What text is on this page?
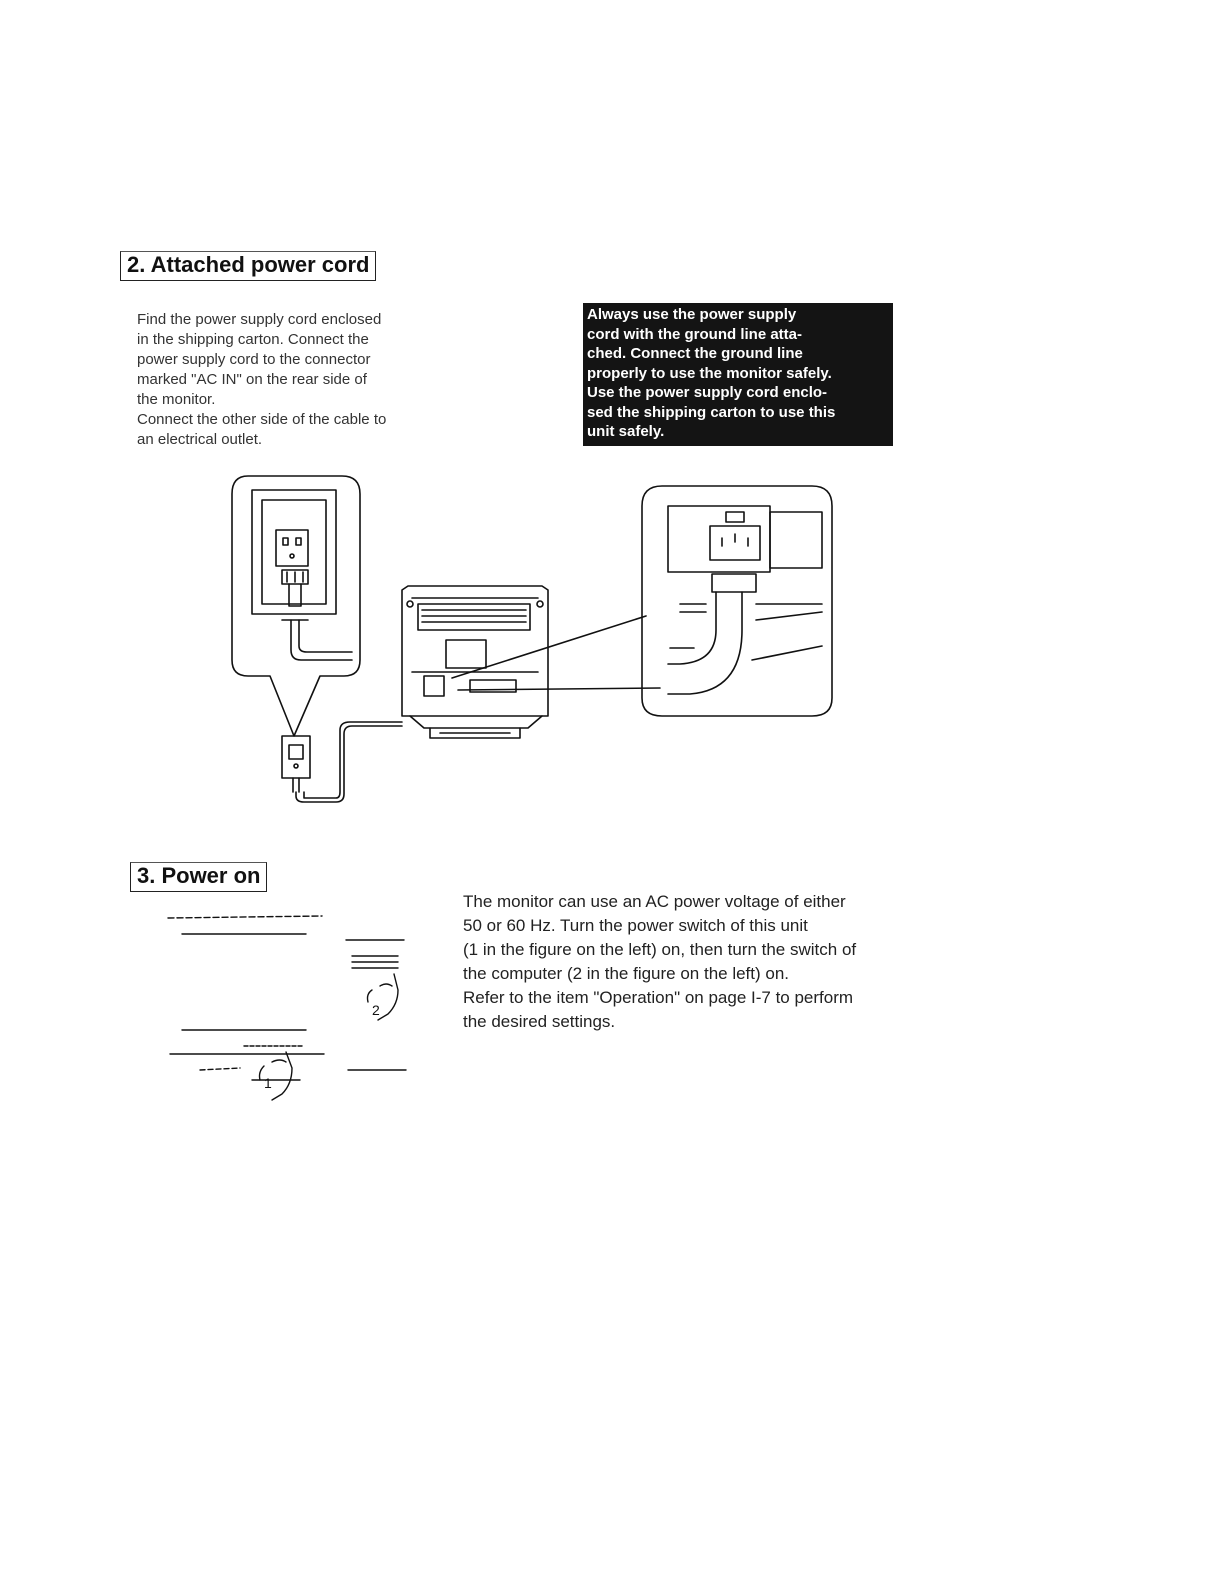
2. Attached power cord
Find the power supply cord enclosed
in the shipping carton. Connect the
power supply cord to the connector
marked "AC IN" on the rear side of
the monitor.
Connect the other side of the cable to
an electrical outlet.
Always use the power supply
cord with the ground line atta-
ched. Connect the ground line
properly to use the monitor safely.
Use the power supply cord enclo-
sed the shipping carton to use this
unit safely.
3. Power on
2
1
The monitor can use an AC power voltage of either
50 or 60 Hz. Turn the power switch of this unit
(1 in the figure on the left) on, then turn the switch of
the computer (2 in the figure on the left) on.
Refer to the item "Operation" on page I-7 to perform
the desired settings.
